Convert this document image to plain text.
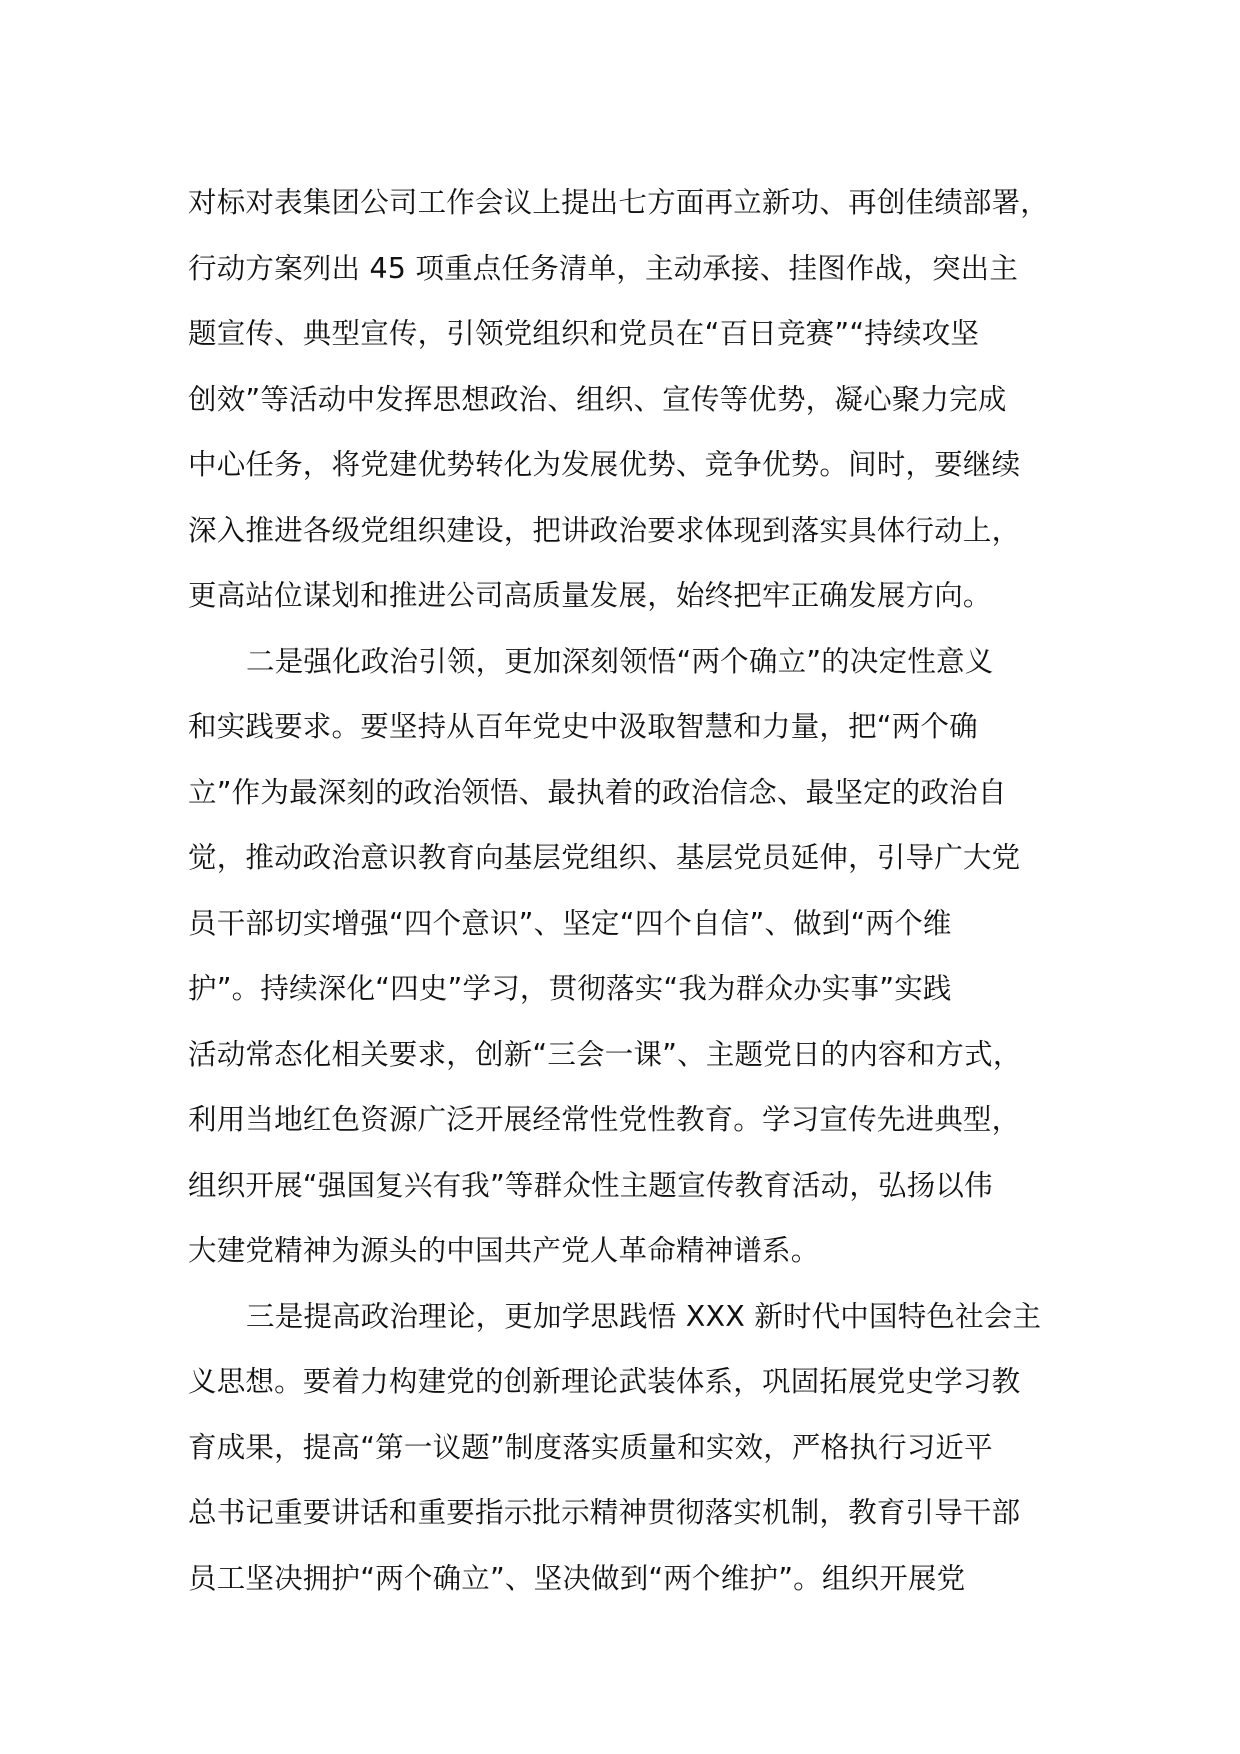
对标对表集团公司工作会议上提出七方面再立新功、再创佳绩部署，
行动方案列出 45 项重点任务清单，主动承接、挂图作战，突出主
题宣传、典型宣传，引领党组织和党员在“百日竞赛”“持续攻坚
创效”等活动中发挥思想政治、组织、宣传等优势，凝心聚力完成
中心任务，将党建优势转化为发展优势、竞争优势。间时，要继续
深入推进各级党组织建设，把讲政治要求体现到落实具体行动上，
更高站位谋划和推进公司高质量发展，始终把牢正确发展方向。
二是强化政治引领，更加深刻领悟“两个确立”的决定性意义
和实践要求。要坚持从百年党史中汲取智慧和力量，把“两个确
立”作为最深刻的政治领悟、最执着的政治信念、最坚定的政治自
觉，推动政治意识教育向基层党组织、基层党员延伸，引导广大党
员干部切实增强“四个意识”、坚定“四个自信”、做到“两个维
护”。持续深化“四史”学习，贯彻落实“我为群众办实事”实践
活动常态化相关要求，创新“三会一课”、主题党日的内容和方式，
利用当地红色资源广泛开展经常性党性教育。学习宣传先进典型，
组织开展“强国复兴有我”等群众性主题宣传教育活动，弘扬以伟
大建党精神为源头的中国共产党人革命精神谱系。
三是提高政治理论，更加学思践悟 XXX 新时代中国特色社会主
义思想。要着力构建党的创新理论武装体系，巩固拓展党史学习教
育成果，提高“第一议题”制度落实质量和实效，严格执行习近平
总书记重要讲话和重要指示批示精神贯彻落实机制，教育引导干部
员工坚决拥护“两个确立”、坚决做到“两个维护”。组织开展党
